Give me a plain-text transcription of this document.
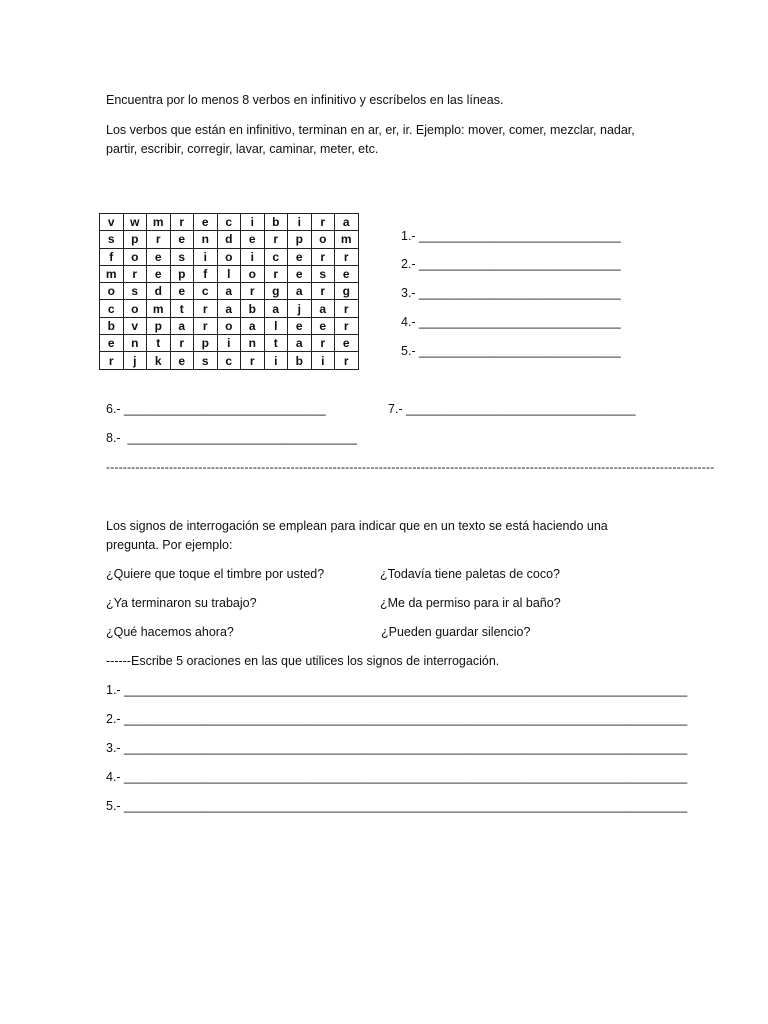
Encuentra por lo menos 8 verbos en infinitivo y escríbelos en las líneas.
Los verbos que están en infinitivo, terminan en ar, er, ir. Ejemplo: mover, comer, mezclar, nadar, partir, escribir, corregir, lavar, caminar, meter, etc.
v	w	m	r	e	c	i	b	i	r	a
s	p	r	e	n	d	e	r	p	o	m
f	o	e	s	i	o	i	c	e	r	r
m	r	e	p	f	l	o	r	e	s	e
o	s	d	e	c	a	r	g	a	r	g
c	o	m	t	r	a	b	a	j	a	r
b	v	p	a	r	o	a	l	e	e	r
e	n	t	r	p	i	n	t	a	r	e
r	j	k	e	s	c	r	i	b	i	r
1.- _____________________________
2.- _____________________________
3.- _____________________________
4.- _____________________________
5.- _____________________________
6.- _____________________________	7.- _________________________________
8.-  _________________________________
-------------------------------------------------------------------------------------------------------------------------------------------------
Los signos de interrogación se emplean para indicar que en un texto se está haciendo una pregunta. Por ejemplo:
¿Quiere que toque el timbre por usted?	¿Todavía tiene paletas de coco?
¿Ya terminaron su trabajo?	¿Me da permiso para ir al baño?
¿Qué hacemos ahora?	¿Pueden guardar silencio?
------Escribe 5 oraciones en las que utilices los signos de interrogación.
1.- _________________________________________________________________________________
2.- _________________________________________________________________________________
3.- _________________________________________________________________________________
4.- _________________________________________________________________________________
5.- _________________________________________________________________________________
